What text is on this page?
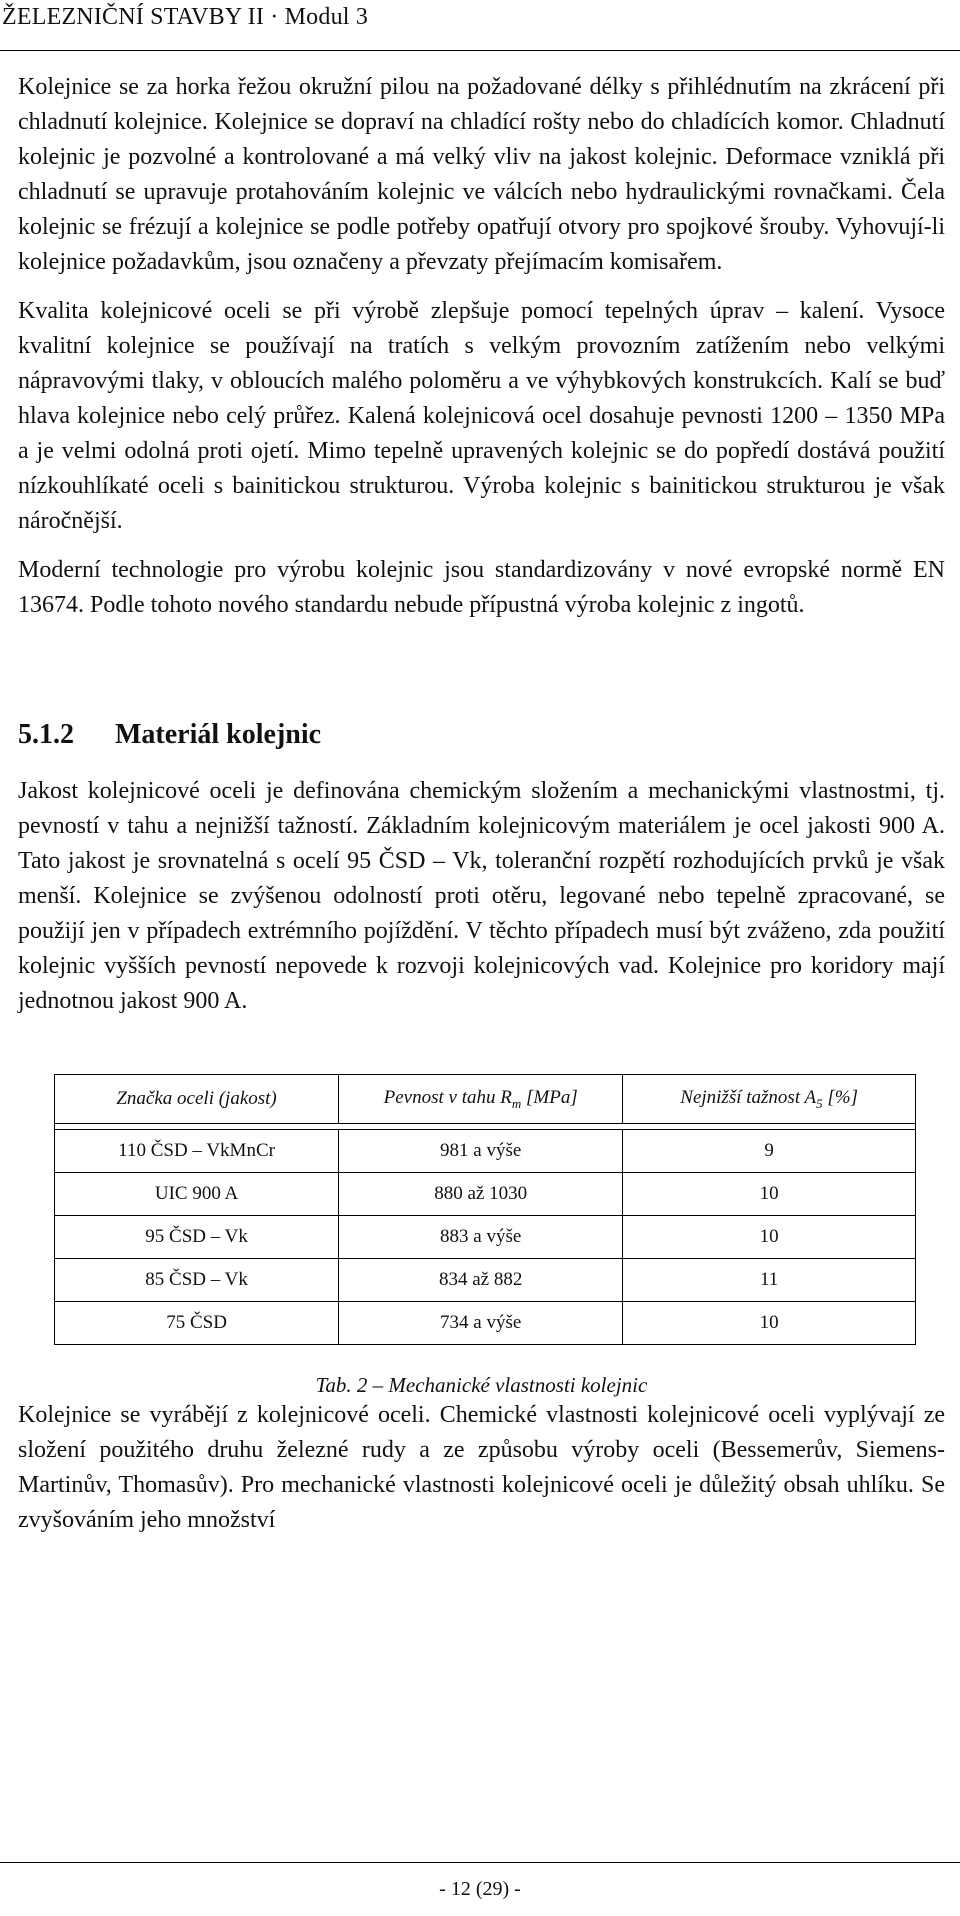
ŽELEZNIČNÍ STAVBY II · Modul 3

Kolejnice se za horka řežou okružní pilou na požadované délky s přihlédnutím na zkrácení při chladnutí kolejnice. Kolejnice se dopraví na chladící rošty nebo do chladících komor. Chladnutí kolejnic je pozvolné a kontrolované a má velký vliv na jakost kolejnic. Deformace vzniklá při chladnutí se upravuje protahováním kolejnic ve válcích nebo hydraulickými rovnačkami. Čela kolejnic se frézují a kolejnice se podle potřeby opatřují otvory pro spojkové šrouby. Vyhovují-li kolejnice požadavkům, jsou označeny a převzaty přejímacím komisařem.

Kvalita kolejnicové oceli se při výrobě zlepšuje pomocí tepelných úprav – kalení. Vysoce kvalitní kolejnice se používají na tratích s velkým provozním zatížením nebo velkými nápravovými tlaky, v obloucích malého poloměru a ve výhybkových konstrukcích. Kalí se buď hlava kolejnice nebo celý průřez. Kalená kolejnicová ocel dosahuje pevnosti 1200 – 1350 MPa a je velmi odolná proti ojetí. Mimo tepelně upravených kolejnic se do popředí dostává použití nízkouhlíkaté oceli s bainitickou strukturou. Výroba kolejnic s bainitickou strukturou je však náročnější.

Moderní technologie pro výrobu kolejnic jsou standardizovány v nové evropské normě EN 13674. Podle tohoto nového standardu nebude přípustná výroba kolejnic z ingotů.

5.1.2 Materiál kolejnic

Jakost kolejnicové oceli je definována chemickým složením a mechanickými vlastnostmi, tj. pevností v tahu a nejnižší tažností. Základním kolejnicovým materiálem je ocel jakosti 900 A. Tato jakost je srovnatelná s ocelí 95 ČSD – Vk, toleranční rozpětí rozhodujících prvků je však menší. Kolejnice se zvýšenou odolností proti otěru, legované nebo tepelně zpracované, se použijí jen v případech extrémního pojíždění. V těchto případech musí být zváženo, zda použití kolejnic vyšších pevností nepovede k rozvoji kolejnicových vad. Kolejnice pro koridory mají jednotnou jakost 900 A.

Značka oceli (jakost)	Pevnost v tahu $R_m$ [MPa]	Nejnižší tažnost $A_5$ [%]

110 ČSD – VkMnCr	981 a výše	9
UIC 900 A	880 až 1030	10
95 ČSD – Vk	883 a výše	10
85 ČSD – Vk	834 až 882	11
75 ČSD	734 a výše	10
Tab. 2 – Mechanické vlastnosti kolejnic

Kolejnice se vyrábějí z kolejnicové oceli. Chemické vlastnosti kolejnicové oceli vyplývají ze složení použitého druhu železné rudy a ze způsobu výroby oceli (Bessemerův, Siemens-Martinův, Thomasův). Pro mechanické vlastnosti kolejnicové oceli je důležitý obsah uhlíku. Se zvyšováním jeho množství

- 12 (29) -
